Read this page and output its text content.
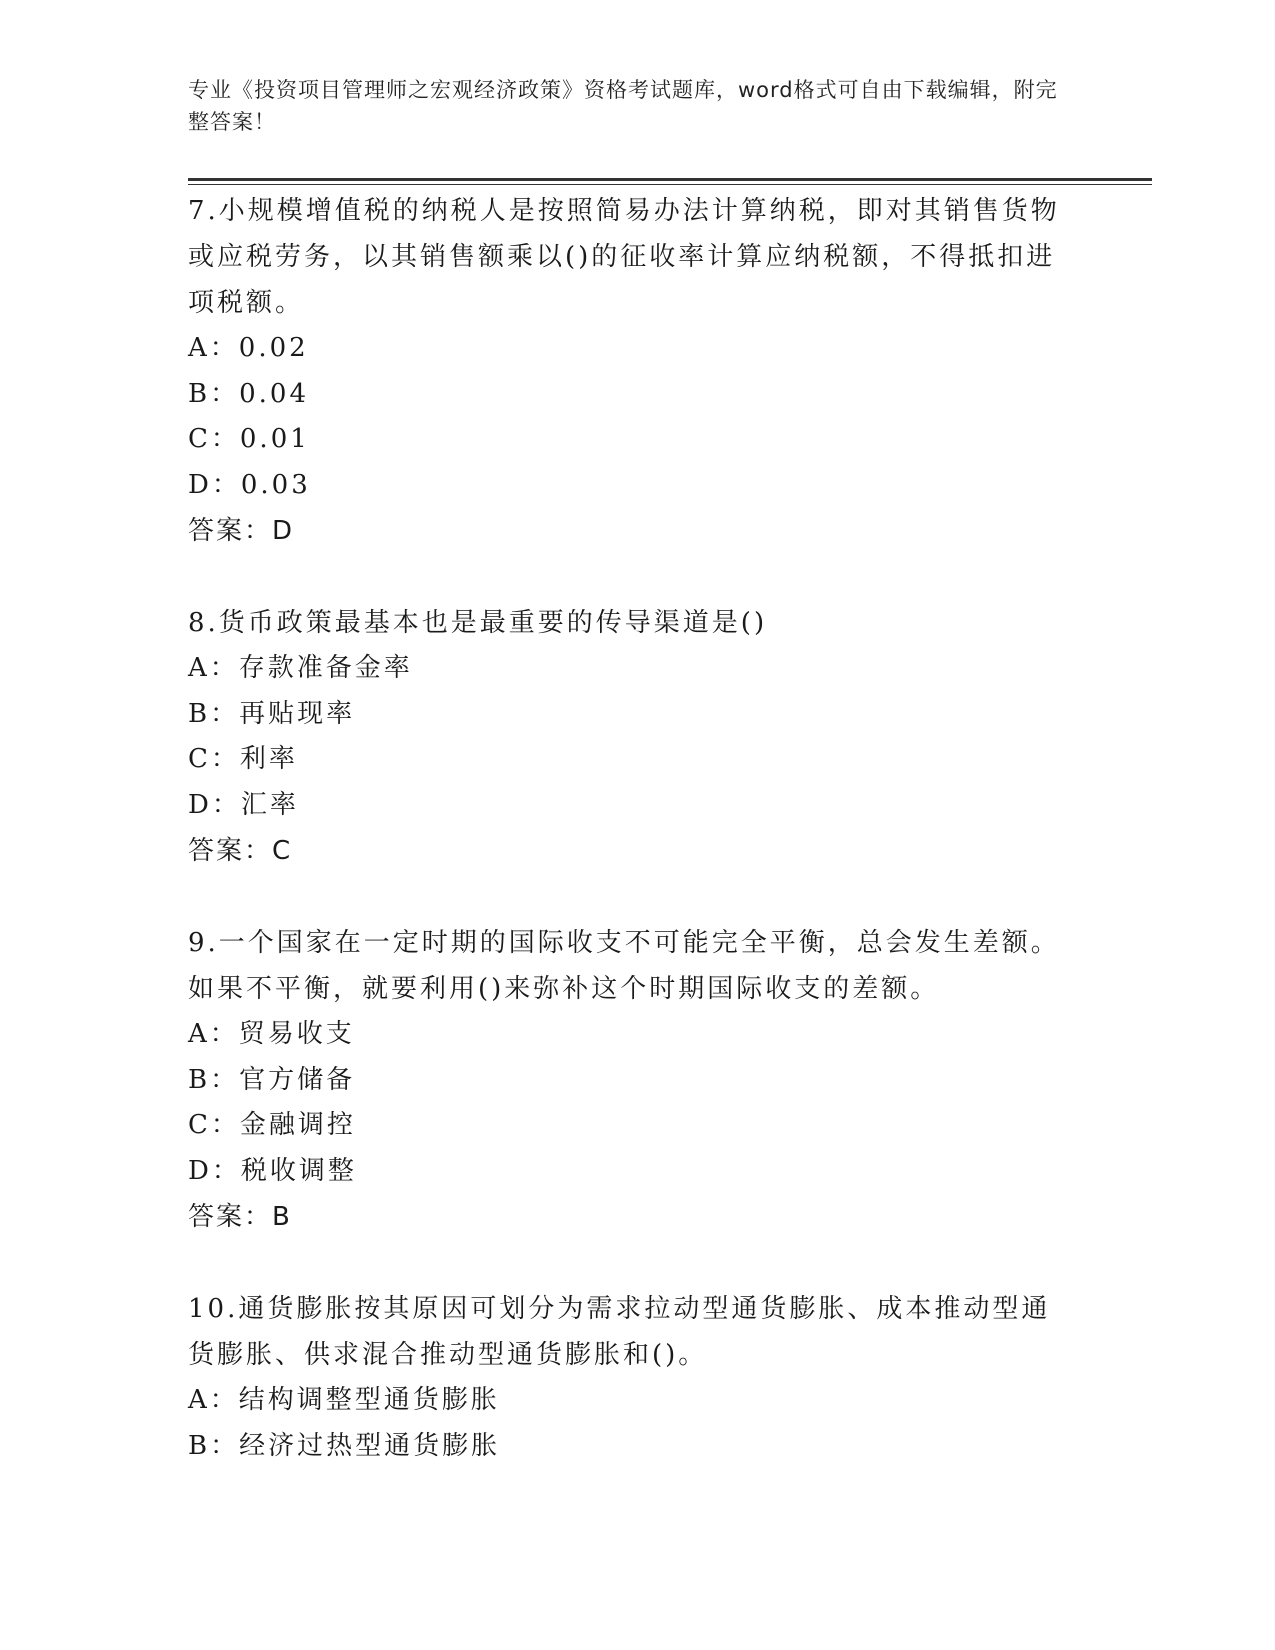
专业《投资项目管理师之宏观经济政策》资格考试题库，word格式可自由下载编辑，附完整答案！

7.小规模增值税的纳税人是按照简易办法计算纳税，即对其销售货物或应税劳务，以其销售额乘以()的征收率计算应纳税额，不得抵扣进项税额。

A：0.02

B：0.04

C：0.01

D：0.03

答案：D

8.货币政策最基本也是最重要的传导渠道是()

A：存款准备金率

B：再贴现率

C：利率

D：汇率

答案：C

9.一个国家在一定时期的国际收支不可能完全平衡，总会发生差额。如果不平衡，就要利用()来弥补这个时期国际收支的差额。

A：贸易收支

B：官方储备

C：金融调控

D：税收调整

答案：B

10.通货膨胀按其原因可划分为需求拉动型通货膨胀、成本推动型通货膨胀、供求混合推动型通货膨胀和()。

A：结构调整型通货膨胀

B：经济过热型通货膨胀
